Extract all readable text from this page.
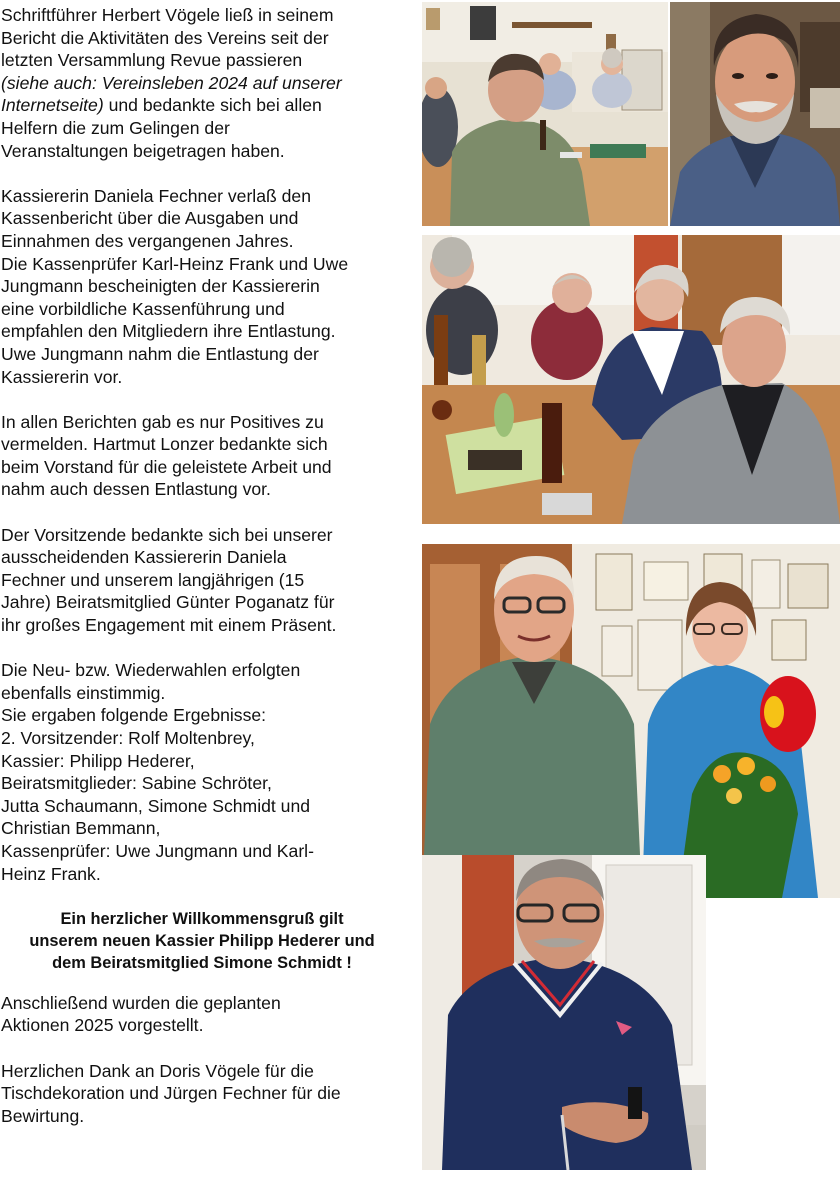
Schriftführer Herbert Vögele ließ in seinem
Bericht die Aktivitäten des Vereins seit der
letzten Versammlung Revue passieren
(siehe auch: Vereinsleben 2024 auf unserer
Internetseite) und bedankte sich bei allen
Helfern die zum Gelingen der
Veranstaltungen beigetragen haben.

Kassiererin Daniela Fechner verlaß den
Kassenbericht über die Ausgaben und
Einnahmen des vergangenen Jahres.
Die Kassenprüfer Karl-Heinz Frank und Uwe
Jungmann bescheinigten der Kassiererin
eine vorbildliche Kassenführung und
empfahlen den Mitgliedern ihre Entlastung.
Uwe Jungmann nahm die Entlastung der
Kassiererin vor.

In allen Berichten gab es nur Positives zu
vermelden. Hartmut Lonzer bedankte sich
beim Vorstand für die geleistete Arbeit und
nahm auch dessen Entlastung vor.

Der Vorsitzende bedankte sich bei unserer
ausscheidenden Kassiererin Daniela
Fechner und unserem langjährigen (15
Jahre) Beiratsmitglied Günter Poganatz für
ihr großes Engagement mit einem Präsent.

Die Neu- bzw. Wiederwahlen erfolgten
ebenfalls einstimmig.
Sie ergaben folgende Ergebnisse:
2. Vorsitzender: Rolf Moltenbrey,
Kassier: Philipp Hederer,
Beiratsmitglieder: Sabine Schröter,
Jutta Schaumann, Simone Schmidt und
Christian Bemmann,
Kassenprüfer: Uwe Jungmann und Karl-
Heinz Frank.

Ein herzlicher Willkommensgruß gilt
unserem neuen Kassier Philipp Hederer und
dem Beiratsmitglied Simone Schmidt !

Anschließend wurden die geplanten
Aktionen 2025 vorgestellt.

Herzlichen Dank an Doris Vögele für die
Tischdekoration und Jürgen Fechner für die
Bewirtung.
